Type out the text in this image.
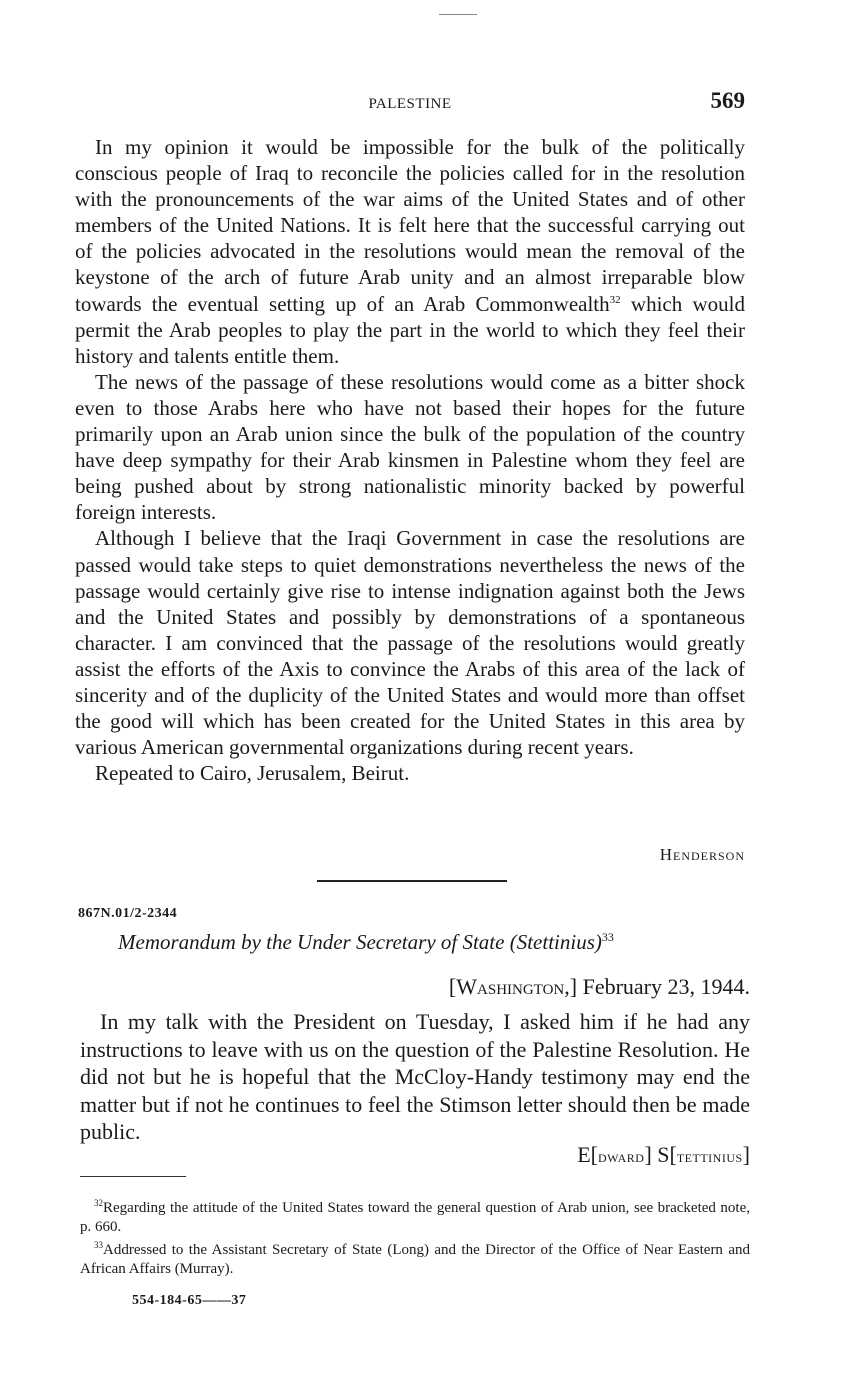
PALESTINE	569

In my opinion it would be impossible for the bulk of the politically conscious people of Iraq to reconcile the policies called for in the resolution with the pronouncements of the war aims of the United States and of other members of the United Nations. It is felt here that the successful carrying out of the policies advocated in the resolutions would mean the removal of the keystone of the arch of future Arab unity and an almost irreparable blow towards the eventual setting up of an Arab Commonwealth$^{32}$ which would permit the Arab peoples to play the part in the world to which they feel their history and talents entitle them.

The news of the passage of these resolutions would come as a bitter shock even to those Arabs here who have not based their hopes for the future primarily upon an Arab union since the bulk of the population of the country have deep sympathy for their Arab kinsmen in Palestine whom they feel are being pushed about by strong nationalistic minority backed by powerful foreign interests.

Although I believe that the Iraqi Government in case the resolutions are passed would take steps to quiet demonstrations nevertheless the news of the passage would certainly give rise to intense indignation against both the Jews and the United States and possibly by demonstrations of a spontaneous character. I am convinced that the passage of the resolutions would greatly assist the efforts of the Axis to convince the Arabs of this area of the lack of sincerity and of the duplicity of the United States and would more than offset the good will which has been created for the United States in this area by various American governmental organizations during recent years.

Repeated to Cairo, Jerusalem, Beirut.

Henderson
867N.01/2-2344
Memorandum by the Under Secretary of State (Stettinius)$^{33}$
[Washington,] February 23, 1944.

In my talk with the President on Tuesday, I asked him if he had any instructions to leave with us on the question of the Palestine Resolution. He did not but he is hopeful that the McCloy-Handy testimony may end the matter but if not he continues to feel the Stimson letter should then be made public.

E[dward] S[tettinius]

$^{32}$Regarding the attitude of the United States toward the general question of Arab union, see bracketed note, p. 660.

$^{33}$Addressed to the Assistant Secretary of State (Long) and the Director of the Office of Near Eastern and African Affairs (Murray).

554-184-65——37
